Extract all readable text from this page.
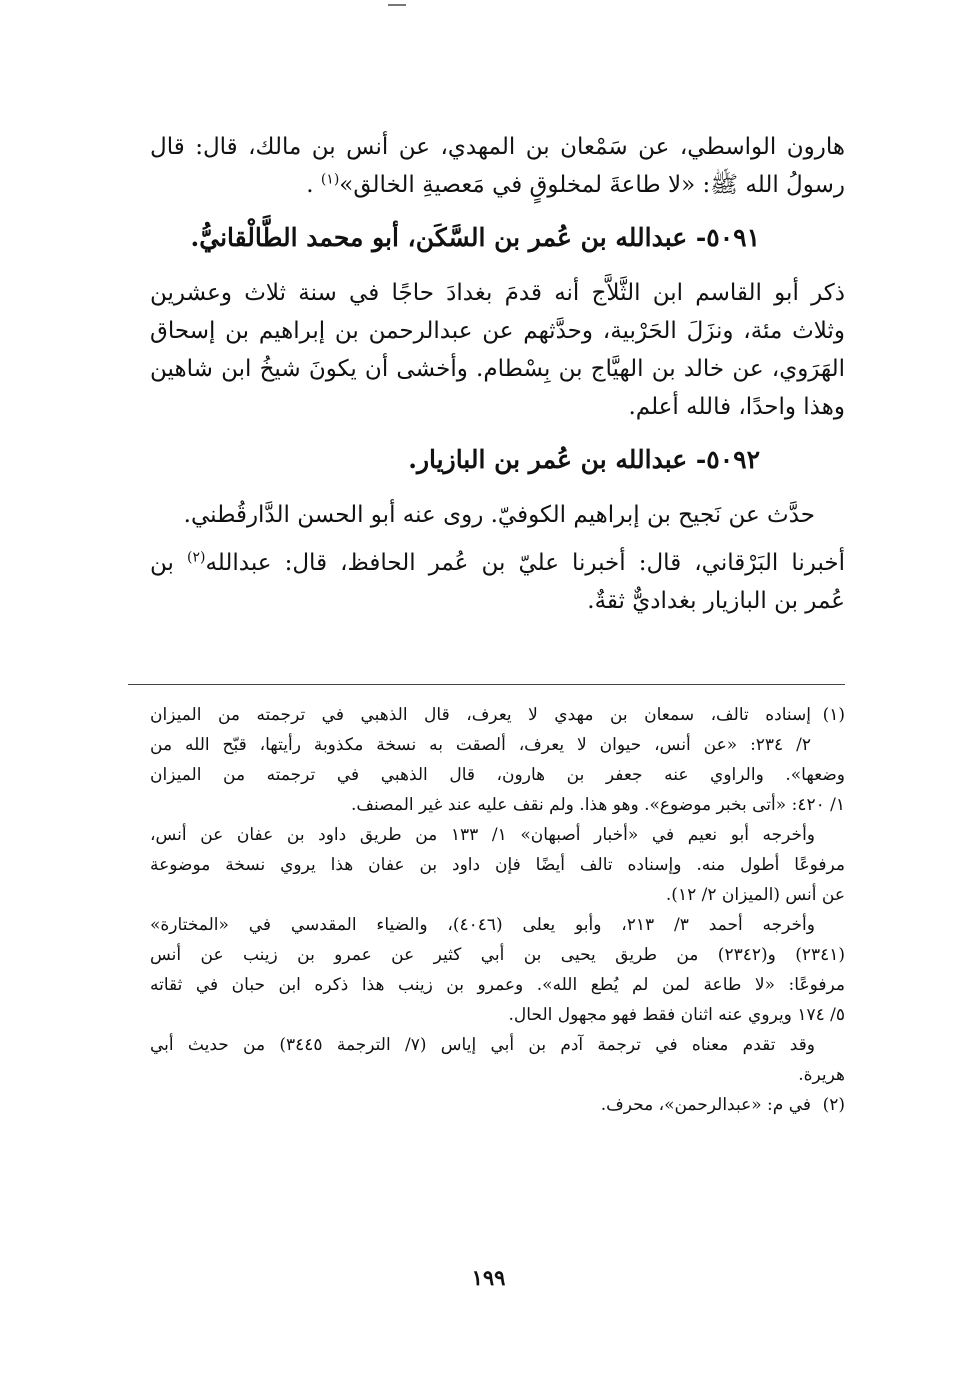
هارون الواسطي، عن سَمْعان بن المهدي، عن أنس بن مالك، قال: قال
رسولُ الله ﷺ: «لا طاعةَ لمخلوقٍ في مَعصيةِ الخالق»$^{(١)}$ .
٥٠٩١- عبدالله بن عُمر بن السَّكَن، أبو محمد الطَّالْقانيُّ.
ذكر أبو القاسم ابن الثَّلاَّج أنه قدمَ بغدادَ حاجًا في سنة ثلاث وعشرين
وثلاث مئة، ونزَلَ الحَرْبية، وحدَّثهم عن عبدالرحمن بن إبراهيم بن إسحاق
الهَرَوي، عن خالد بن الهيَّاج بن بِسْطام. وأخشى أن يكونَ شيخُ ابن شاهين
وهذا واحدًا، فالله أعلم.
٥٠٩٢- عبدالله بن عُمر بن البازيار.
حدَّث عن نَجيح بن إبراهيم الكوفيّ. روى عنه أبو الحسن الدَّارقُطني.
أخبرنا البَرْقاني، قال: أخبرنا عليّ بن عُمر الحافظ، قال: عبدالله$^{(٢)}$ بن
عُمر بن البازيار بغداديٌّ ثقةٌ.
(١)إسناده تالف، سمعان بن مهدي لا يعرف، قال الذهبي في ترجمته من الميزان
٢/ ٢٣٤: «عن أنس، حيوان لا يعرف، ألصقت به نسخة مكذوبة رأيتها، قبّح الله من
وضعها». والراوي عنه جعفر بن هارون، قال الذهبي في ترجمته من الميزان
١/ ٤٢٠: «أتى بخبر موضوع». وهو هذا. ولم نقف عليه عند غير المصنف.
وأخرجه أبو نعيم في «أخبار أصبهان» ١/ ١٣٣ من طريق داود بن عفان عن أنس،
مرفوعًا أطول منه. وإسناده تالف أيضًا فإن داود بن عفان هذا يروي نسخة موضوعة
عن أنس (الميزان ٢/ ١٢).
وأخرجه أحمد ٣/ ٢١٣، وأبو يعلى (٤٠٤٦)، والضياء المقدسي في «المختارة»
(٢٣٤١) و(٢٣٤٢) من طريق يحيى بن أبي كثير عن عمرو بن زينب عن أنس
مرفوعًا: «لا طاعة لمن لم يُطع الله». وعمرو بن زينب هذا ذكره ابن حبان في ثقاته
٥/ ١٧٤ ويروي عنه اثنان فقط فهو مجهول الحال.
وقد تقدم معناه في ترجمة آدم بن أبي إياس (٧/ الترجمة ٣٤٤٥) من حديث أبي
هريرة.
(٢)في م: «عبدالرحمن»، محرف.
١٩٩
